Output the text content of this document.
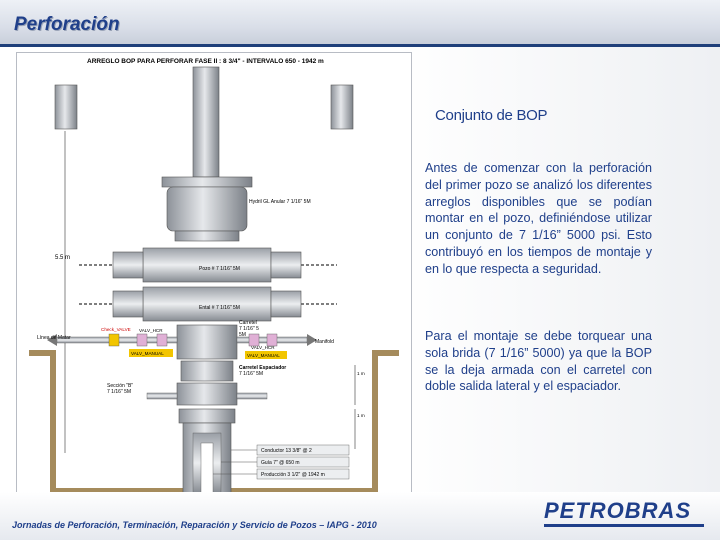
Perforación
ARREGLO BOP PARA PERFORAR FASE II : 8 3/4" - INTERVALO 650 - 1942 m
5.5 m
Hydril GL Anular 7 1/16" 5M
Pozo # 7 1/16" 5M
Ental # 7 1/16" 5M
Línea de Matar
Check_VALVE VALV_HCR
VALV_MANUAL
Carretel
7 1/16" 5
5M
VALV_HCR
VALV_MANUAL
Manifold
Carretel Espaciador
7 1/16" 5M
Sección "B"
7 1/16" 5M
1 m
1 m
Conductor 13 3/8" @ 2
Guía 7" @ 650 m
Producción 3 1/2" @ 1942 m
Conjunto de BOP
Antes de comenzar con la perforación del primer pozo se analizó los diferentes arreglos disponibles que se podían montar en el pozo, definiéndose utilizar un conjunto de 7 1/16” 5000 psi. Esto contribuyó en los tiempos de montaje y en lo que respecta a seguridad.
Para el montaje se debe torquear una sola brida (7 1/16” 5000) ya que la BOP se la deja armada con el carretel con doble salida lateral y el espaciador.
Jornadas de Perforación, Terminación, Reparación y Servicio de Pozos – IAPG - 2010
PETROBRAS
